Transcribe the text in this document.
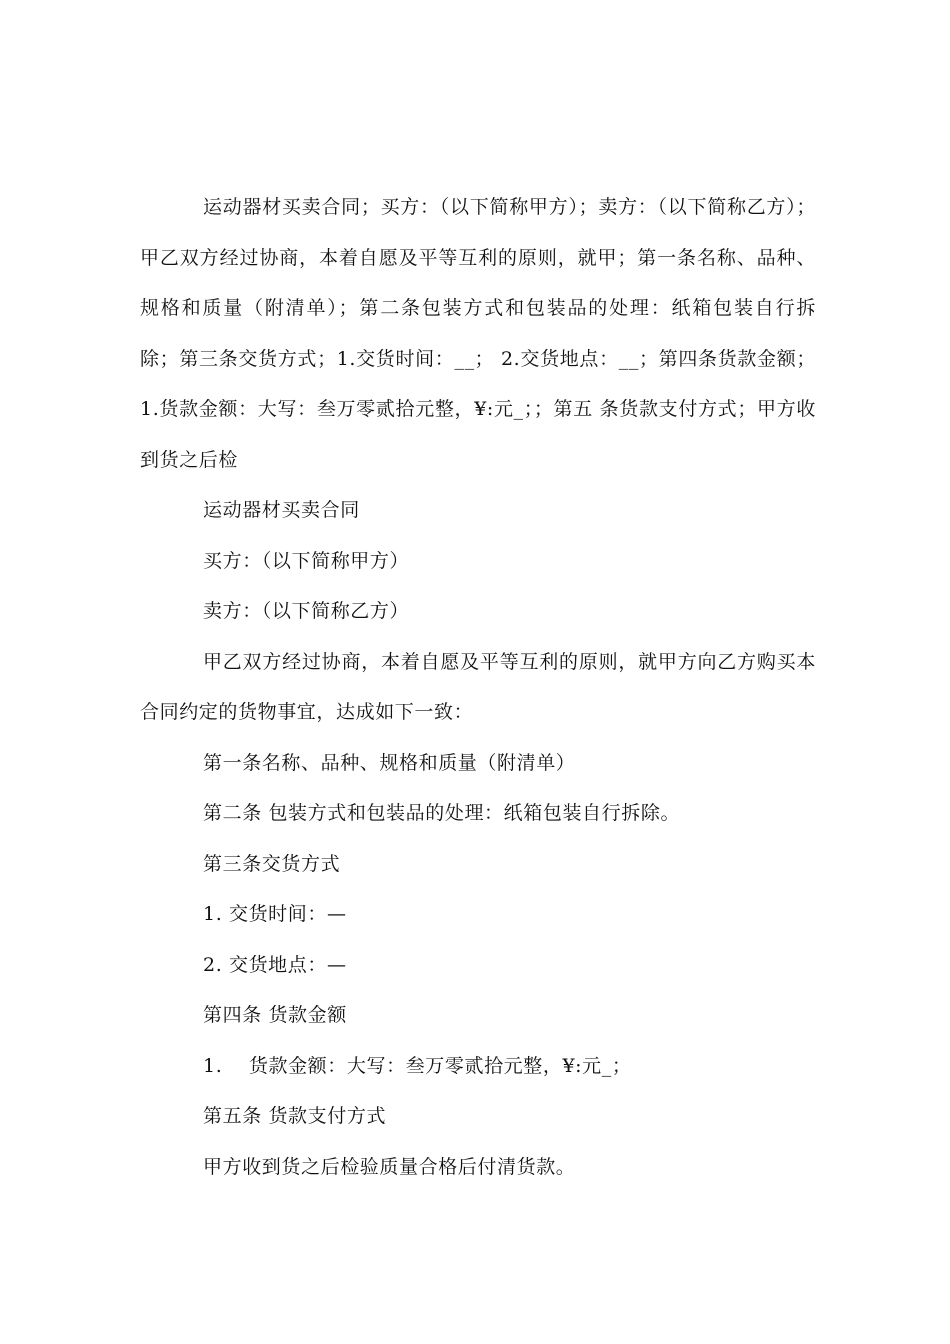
运动器材买卖合同；买方：（以下简称甲方）；卖方：（以下简称乙方）；甲乙双方经过协商，本着自愿及平等互利的原则，就甲；第一条名称、品种、规格和质量（附清单）；第二条包装方式和包装品的处理：纸箱包装自行拆除；第三条交货方式；1.交货时间：__； 2.交货地点：__；第四条货款金额；1.货款金额：大写：叁万零贰拾元整，¥:元_；；第五 条货款支付方式；甲方收到货之后检

运动器材买卖合同

买方：（以下简称甲方）

卖方：（以下简称乙方）

甲乙双方经过协商，本着自愿及平等互利的原则，就甲方向乙方购买本合同约定的货物事宜，达成如下一致：

第一条名称、品种、规格和质量（附清单）

第二条 包装方式和包装品的处理：纸箱包装自行拆除。

第三条交货方式

1. 交货时间：—

2. 交货地点：—

第四条 货款金额

1.    货款金额：大写：叁万零贰拾元整，¥:元_；

第五条 货款支付方式

甲方收到货之后检验质量合格后付清货款。
